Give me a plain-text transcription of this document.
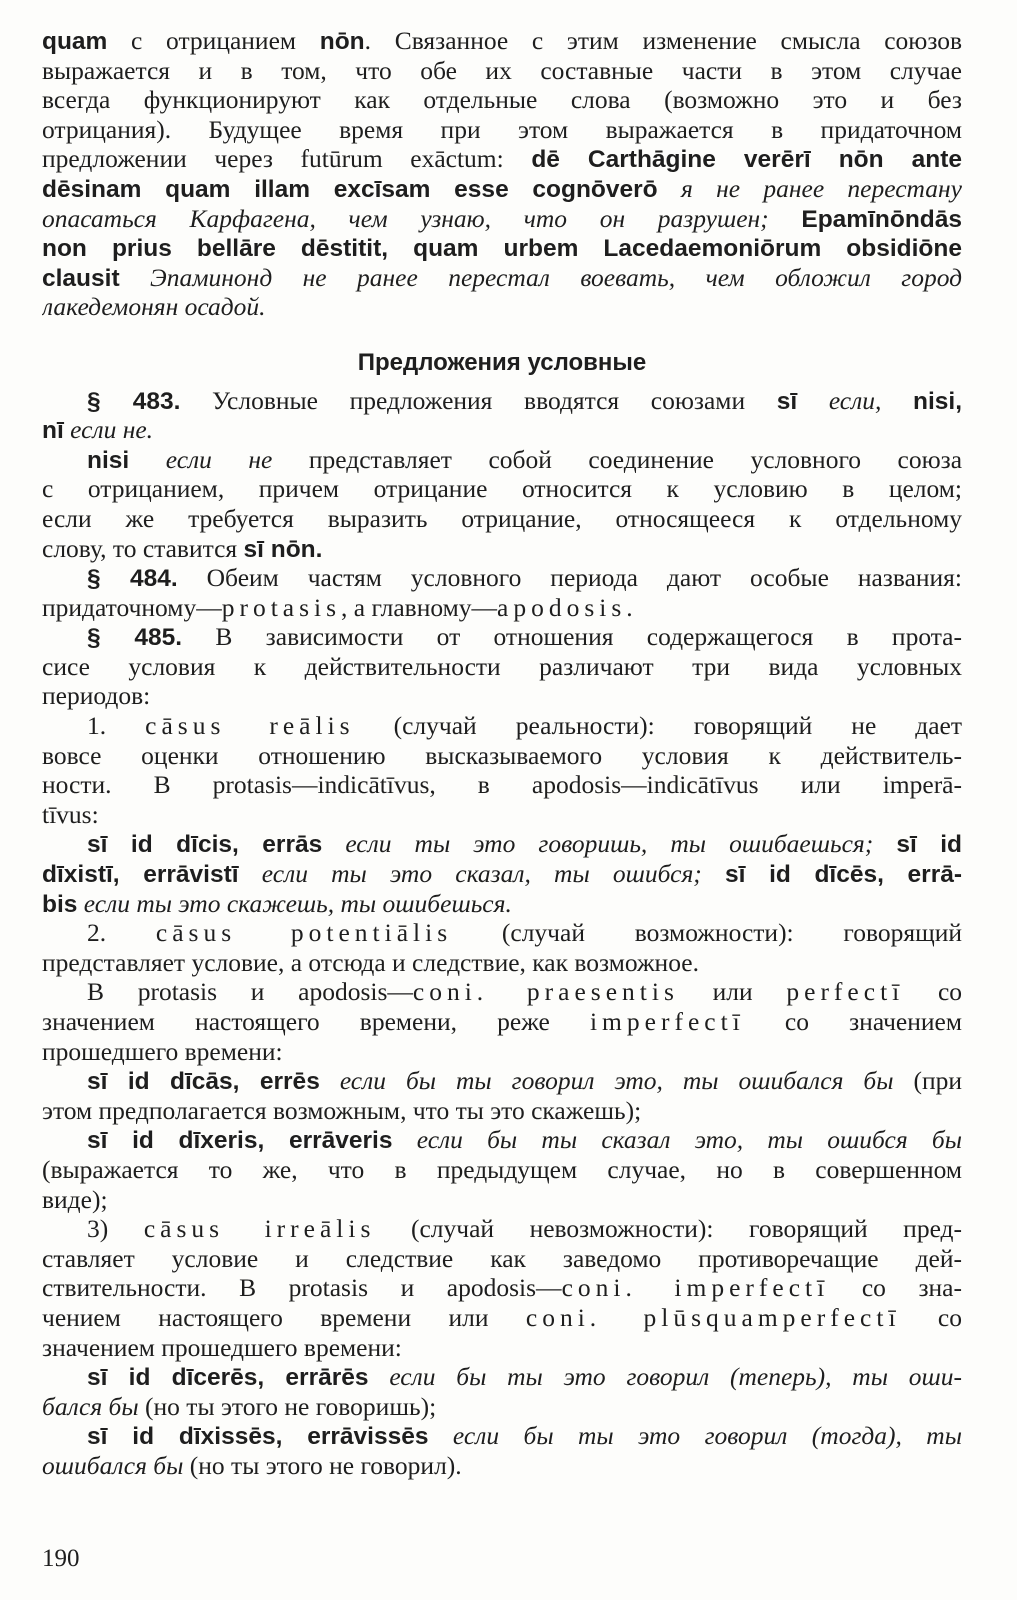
quam с отрицанием nōn. Связанное с этим изменение смысла союзов
выражается и в том, что обе их составные части в этом случае
всегда функционируют как отдельные слова (возможно это и без
отрицания). Будущее время при этом выражается в придаточном
предложении через futūrum exāctum: dē Carthāgine verērī nōn ante
dēsinam quam illam excīsam esse cognōverō я не ранее перестану
опасаться Карфагена, чем узнаю, что он разрушен; Epamīnōndās
non prius bellāre dēstitit, quam urbem Lacedaemoniōrum obsidiōne
clausit Эпаминонд не ранее перестал воевать, чем обложил город
лакедемонян осадой.
Предложения условные
§ 483. Условные предложения вводятся союзами sī если, nisi,
nī если не.
nisi если не представляет собой соединение условного союза
с отрицанием, причем отрицание относится к условию в целом;
если же требуется выразить отрицание, относящееся к отдельному
слову, то ставится sī nōn.
§ 484. Обеим частям условного периода дают особые названия:
придаточному—protasis, а главному—apodosis.
§ 485. В зависимости от отношения содержащегося в прота-
сисе условия к действительности различают три вида условных
периодов:
1. cāsus reālis (случай реальности): говорящий не дает
вовсе оценки отношению высказываемого условия к действитель-
ности. В protasis—indicātīvus, в apodosis—indicātīvus или imperā-
tīvus:
sī id dīcis, errās если ты это говоришь, ты ошибаешься; sī id
dīxistī, errāvistī если ты это сказал, ты ошибся; sī id dīcēs, errā-
bis если ты это скажешь, ты ошибешься.
2. cāsus potentiālis (случай возможности): говорящий
представляет условие, а отсюда и следствие, как возможное.
В protasis и apodosis—coni. praesentis или perfectī со
значением настоящего времени, реже imperfectī со значением
прошедшего времени:
sī id dīcās, errēs если бы ты говорил это, ты ошибался бы (при
этом предполагается возможным, что ты это скажешь);
sī id dīxeris, errāveris если бы ты сказал это, ты ошибся бы
(выражается то же, что в предыдущем случае, но в совершенном
виде);
3) cāsus irreālis (случай невозможности): говорящий пред-
ставляет условие и следствие как заведомо противоречащие дей-
ствительности. В protasis и apodosis—coni. imperfectī со зна-
чением настоящего времени или coni. plūsquamperfectī со
значением прошедшего времени:
sī id dīcerēs, errārēs если бы ты это говорил (теперь), ты оши-
бался бы (но ты этого не говоришь);
sī id dīxissēs, errāvissēs если бы ты это говорил (тогда), ты
ошибался бы (но ты этого не говорил).
190
